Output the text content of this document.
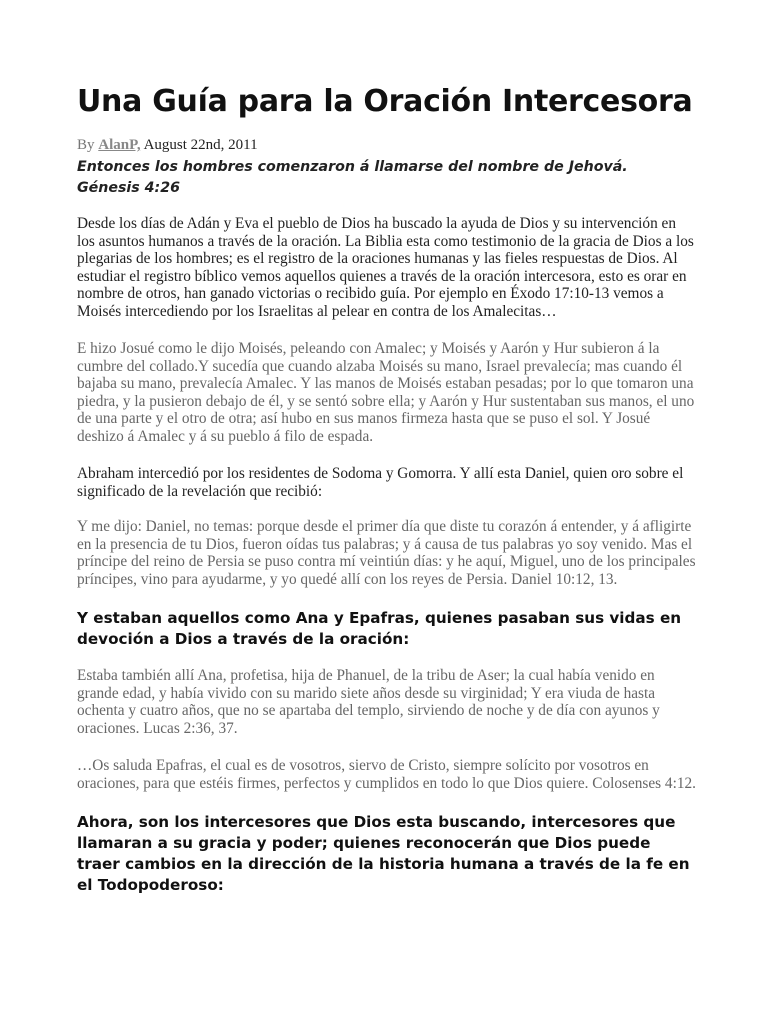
Una Guía para la Oración Intercesora
By AlanP, August 22nd, 2011
Entonces los hombres comenzaron á llamarse del nombre de Jehová. Génesis 4:26

Desde los días de Adán y Eva el pueblo de Dios ha buscado la ayuda de Dios y su intervención en los asuntos humanos a través de la oración. La Biblia esta como testimonio de la gracia de Dios a los plegarias de los hombres; es el registro de la oraciones humanas y las fieles respuestas de Dios. Al estudiar el registro bíblico vemos aquellos quienes a través de la oración intercesora, esto es orar en nombre de otros, han ganado victorias o recibido guía. Por ejemplo en Éxodo 17:10-13 vemos a Moisés intercediendo por los Israelitas al pelear en contra de los Amalecitas…

E hizo Josué como le dijo Moisés, peleando con Amalec; y Moisés y Aarón y Hur subieron á la cumbre del collado.Y sucedía que cuando alzaba Moisés su mano, Israel prevalecía; mas cuando él bajaba su mano, prevalecía Amalec. Y las manos de Moisés estaban pesadas; por lo que tomaron una piedra, y la pusieron debajo de él, y se sentó sobre ella; y Aarón y Hur sustentaban sus manos, el uno de una parte y el otro de otra; así hubo en sus manos firmeza hasta que se puso el sol. Y Josué deshizo á Amalec y á su pueblo á filo de espada.

Abraham intercedió por los residentes de Sodoma y Gomorra. Y allí esta Daniel, quien oro sobre el significado de la revelación que recibió:

Y me dijo: Daniel, no temas: porque desde el primer día que diste tu corazón á entender, y á afligirte en la presencia de tu Dios, fueron oídas tus palabras; y á causa de tus palabras yo soy venido. Mas el príncipe del reino de Persia se puso contra mí veintiún días: y he aquí, Miguel, uno de los principales príncipes, vino para ayudarme, y yo quedé allí con los reyes de Persia. Daniel 10:12, 13.

Y estaban aquellos como Ana y Epafras, quienes pasaban sus vidas en devoción a Dios a través de la oración:

Estaba también allí Ana, profetisa, hija de Phanuel, de la tribu de Aser; la cual había venido en grande edad, y había vivido con su marido siete años desde su virginidad; Y era viuda de hasta ochenta y cuatro años, que no se apartaba del templo, sirviendo de noche y de día con ayunos y oraciones. Lucas 2:36, 37.

…Os saluda Epafras, el cual es de vosotros, siervo de Cristo, siempre solícito por vosotros en oraciones, para que estéis firmes, perfectos y cumplidos en todo lo que Dios quiere. Colosenses 4:12.

Ahora, son los intercesores que Dios esta buscando, intercesores que llamaran a su gracia y poder; quienes reconocerán que Dios puede traer cambios en la dirección de la historia humana a través de la fe en el Todopoderoso:
